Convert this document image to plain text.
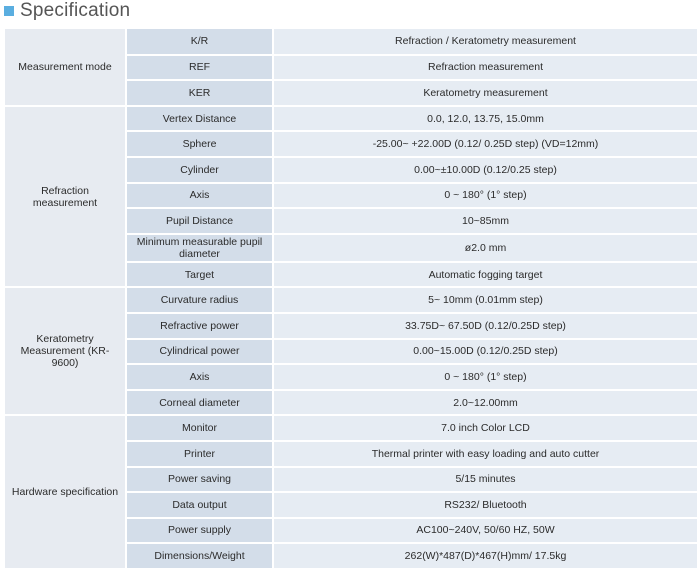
Specification
Measurement mode	K/R	Refraction / Keratometry measurement
	REF	Refraction measurement
	KER	Keratometry measurement
Refraction measurement	Vertex Distance	0.0, 12.0, 13.75, 15.0mm
	Sphere	-25.00~ +22.00D (0.12/ 0.25D step) (VD=12mm)
	Cylinder	0.00~±10.00D (0.12/0.25 step)
	Axis	0 ~ 180° (1° step)
	Pupil Distance	10~85mm
	Minimum measurable pupil diameter	ø2.0 mm
	Target	Automatic fogging target
Keratometry Measurement (KR-9600)	Curvature radius	5~ 10mm (0.01mm step)
	Refractive power	33.75D~ 67.50D (0.12/0.25D step)
	Cylindrical power	0.00~15.00D (0.12/0.25D step)
	Axis	0 ~ 180° (1° step)
	Corneal diameter	2.0~12.00mm
Hardware specification	Monitor	7.0 inch Color LCD
	Printer	Thermal printer with easy loading and auto cutter
	Power saving	5/15 minutes
	Data output	RS232/ Bluetooth
	Power supply	AC100~240V, 50/60 HZ, 50W
	Dimensions/Weight	262(W)*487(D)*467(H)mm/ 17.5kg
